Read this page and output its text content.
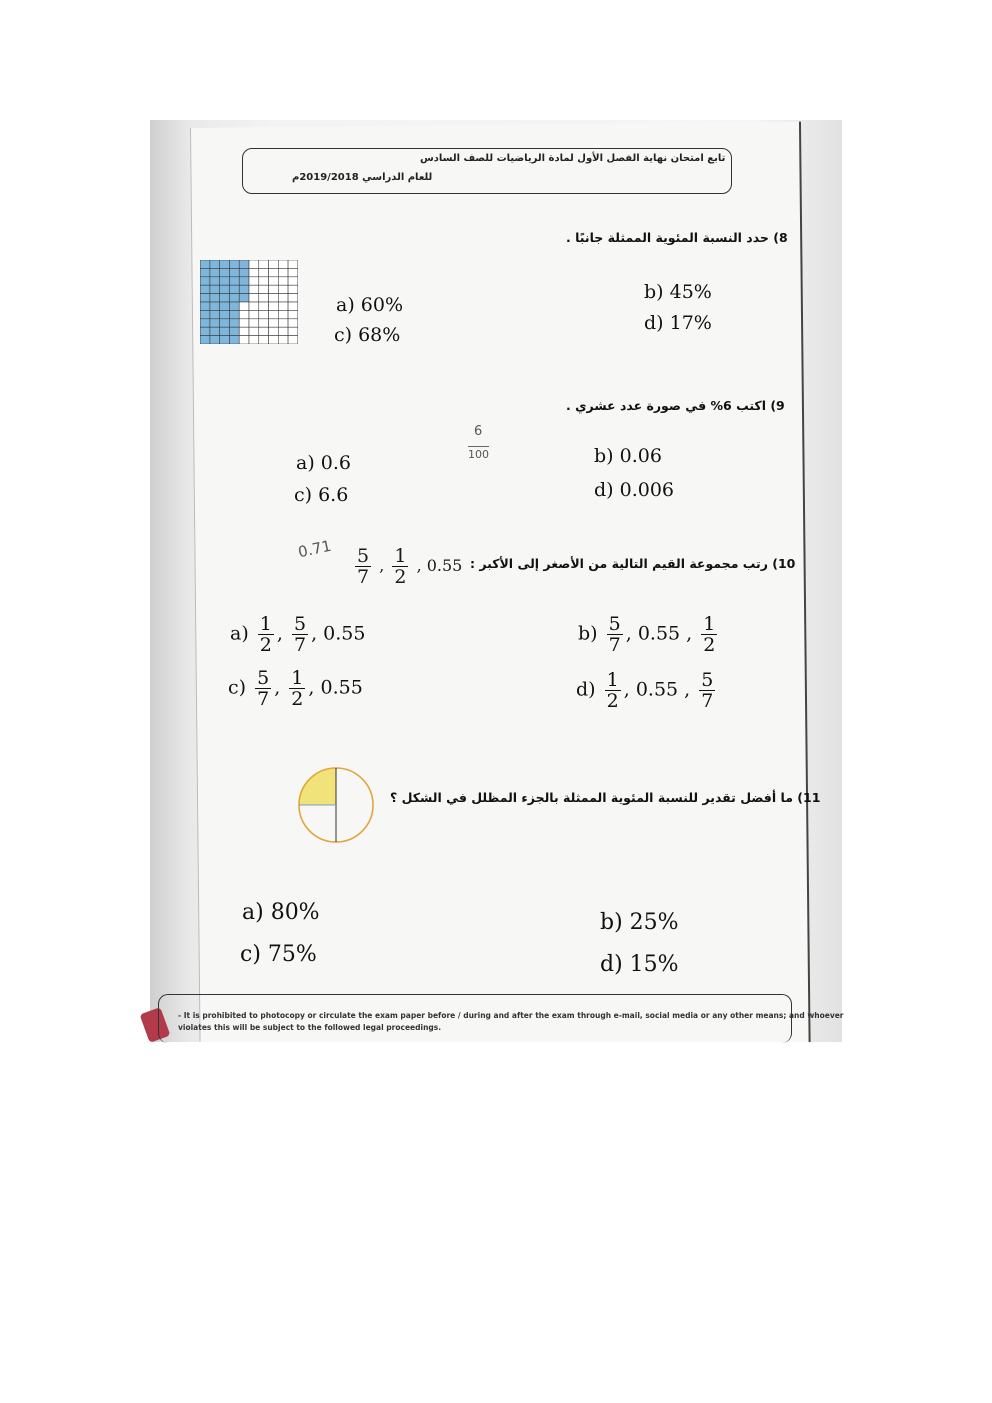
تابع امتحان نهاية الفصل الأول لمادة الرياضيات للصف السادس
للعام الدراسي 2019/2018م
8) حدد النسبة المئوية الممثلة جانبًا .
a) 60%
b) 45%
c) 68%
d) 17%
9) اكتب 6% في صورة عدد عشري .
6
100
a) 0.6	b) 0.06
c) 6.6	d) 0.006
$0.71 \frac{5}{7}$ , $\frac{1}{2}$ , 0.55 10) رتب مجموعة القيم التالية من الأصغر إلى الأكبر :
$a) \frac{1}{2}$ , $\frac{5}{7}$ , 0.55	$b) \frac{5}{7}$ , 0.55 , $\frac{1}{2}$
$c) \frac{5}{7}$ , $\frac{1}{2}$ , 0.55	$d) \frac{1}{2}$ , 0.55 , $\frac{5}{7}$
11) ما أفضل تقدير للنسبة المئوية الممثلة بالجزء المظلل في الشكل ؟
a) 80%	b) 25%
c) 75%	d) 15%
- It is prohibited to photocopy or circulate the exam paper before / during and after the exam through e-mail, social media or any other means; and whoever
violates this will be subject to the followed legal proceedings.
